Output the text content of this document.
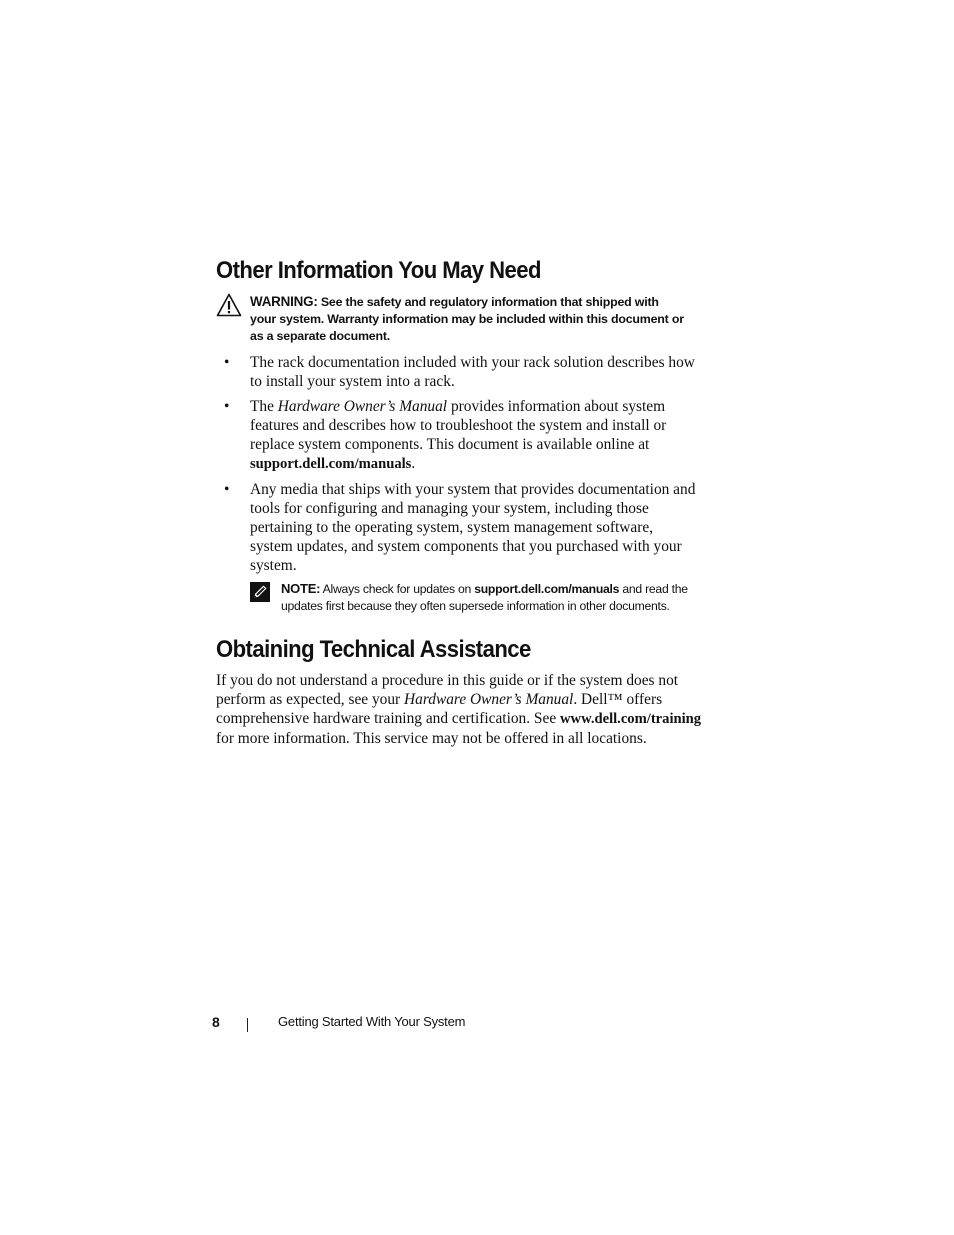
Other Information You May Need
WARNING: See the safety and regulatory information that shipped with your system. Warranty information may be included within this document or as a separate document.
• The rack documentation included with your rack solution describes how to install your system into a rack.
• The Hardware Owner’s Manual provides information about system features and describes how to troubleshoot the system and install or replace system components. This document is available online at support.dell.com/manuals.
• Any media that ships with your system that provides documentation and tools for configuring and managing your system, including those pertaining to the operating system, system management software, system updates, and system components that you purchased with your system.
NOTE: Always check for updates on support.dell.com/manuals and read the updates first because they often supersede information in other documents.
Obtaining Technical Assistance

If you do not understand a procedure in this guide or if the system does not perform as expected, see your Hardware Owner’s Manual. Dell™ offers comprehensive hardware training and certification. See www.dell.com/training for more information. This service may not be offered in all locations.

8	Getting Started With Your System
